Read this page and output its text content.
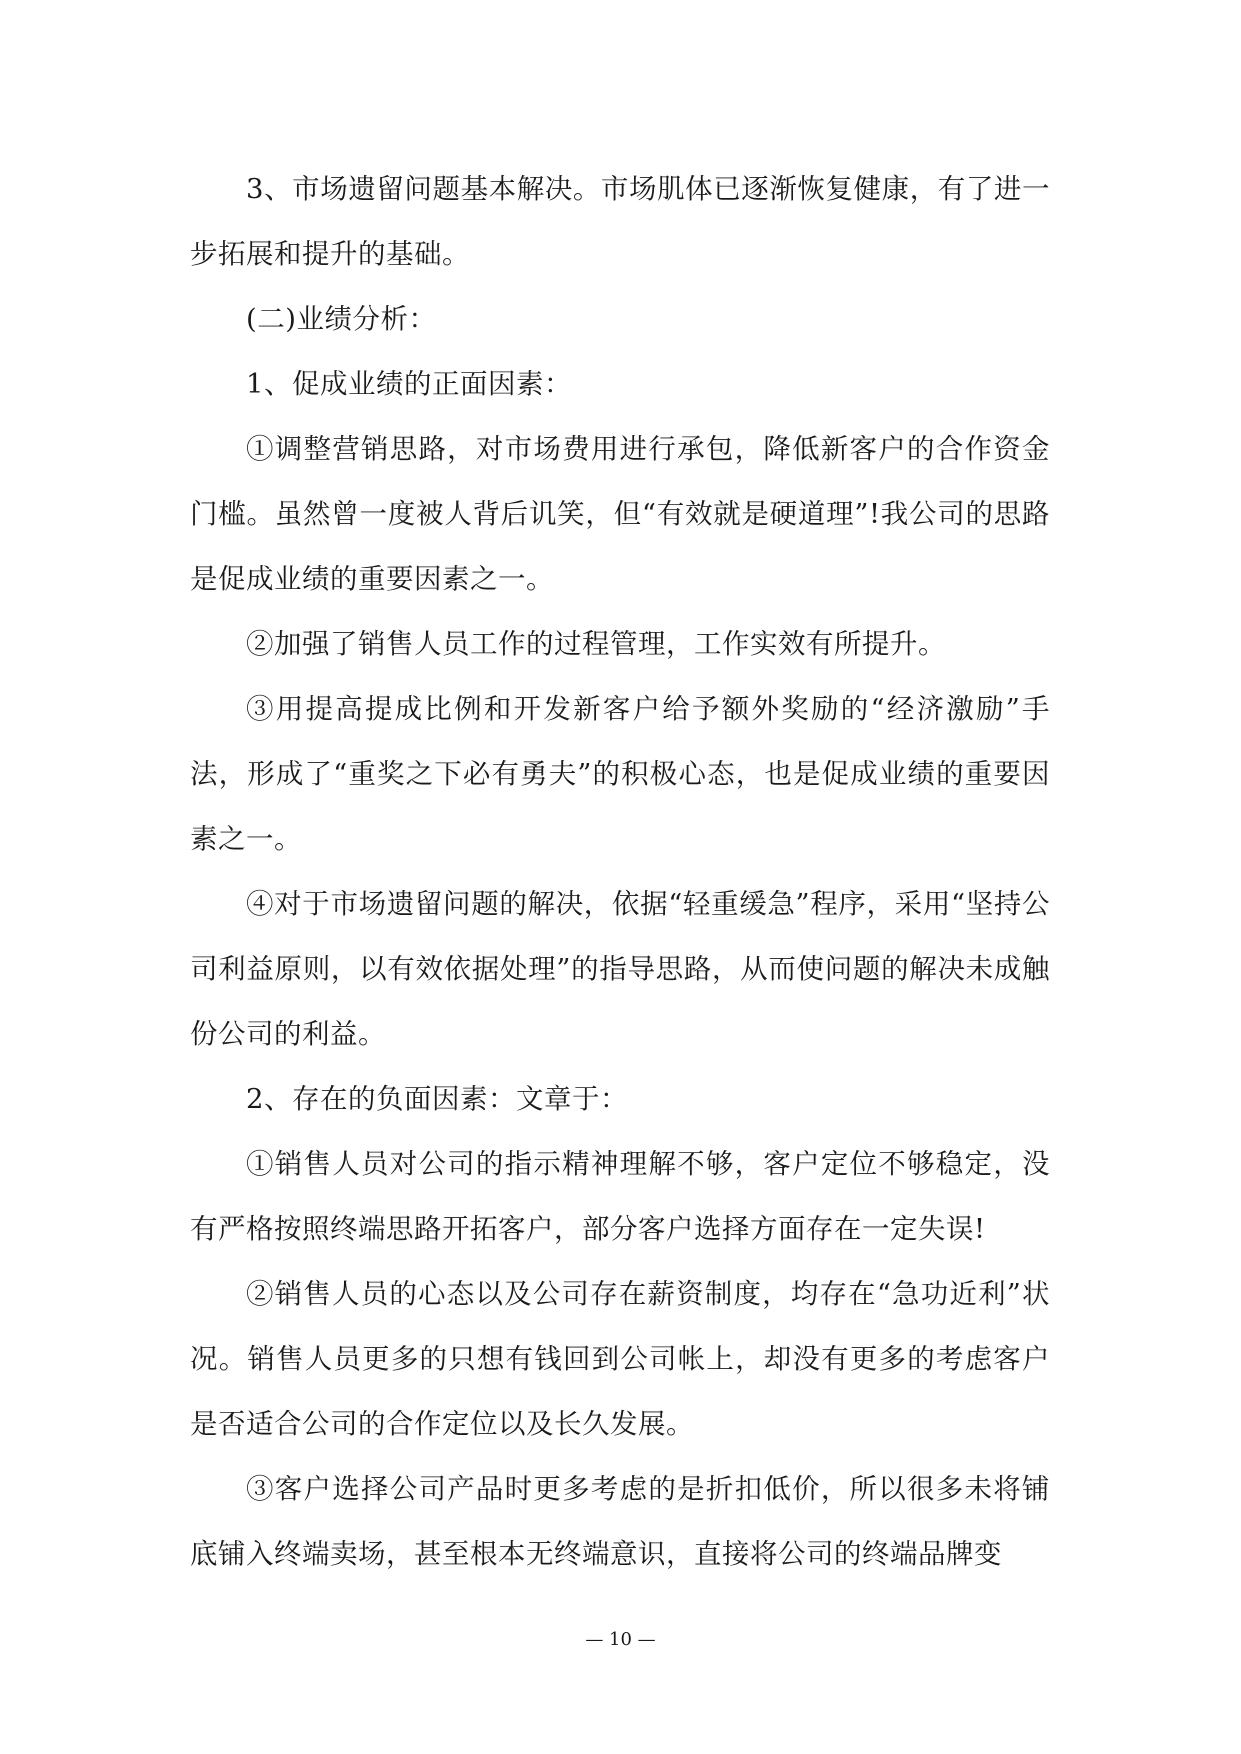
3、市场遗留问题基本解决。市场肌体已逐渐恢复健康，有了进一步拓展和提升的基础。

(二)业绩分析：

1、促成业绩的正面因素：

①调整营销思路，对市场费用进行承包，降低新客户的合作资金门槛。虽然曾一度被人背后讥笑，但“有效就是硬道理”!我公司的思路是促成业绩的重要因素之一。

②加强了销售人员工作的过程管理，工作实效有所提升。

③用提高提成比例和开发新客户给予额外奖励的“经济激励”手法，形成了“重奖之下必有勇夫”的积极心态，也是促成业绩的重要因素之一。

④对于市场遗留问题的解决，依据“轻重缓急”程序，采用“坚持公司利益原则，以有效依据处理”的指导思路，从而使问题的解决未成触份公司的利益。

2、存在的负面因素：文章于：

①销售人员对公司的指示精神理解不够，客户定位不够稳定，没有严格按照终端思路开拓客户，部分客户选择方面存在一定失误!

②销售人员的心态以及公司存在薪资制度，均存在“急功近利”状况。销售人员更多的只想有钱回到公司帐上，却没有更多的考虑客户是否适合公司的合作定位以及长久发展。

③客户选择公司产品时更多考虑的是折扣低价，所以很多未将铺底铺入终端卖场，甚至根本无终端意识，直接将公司的终端品牌变

— 10 —
